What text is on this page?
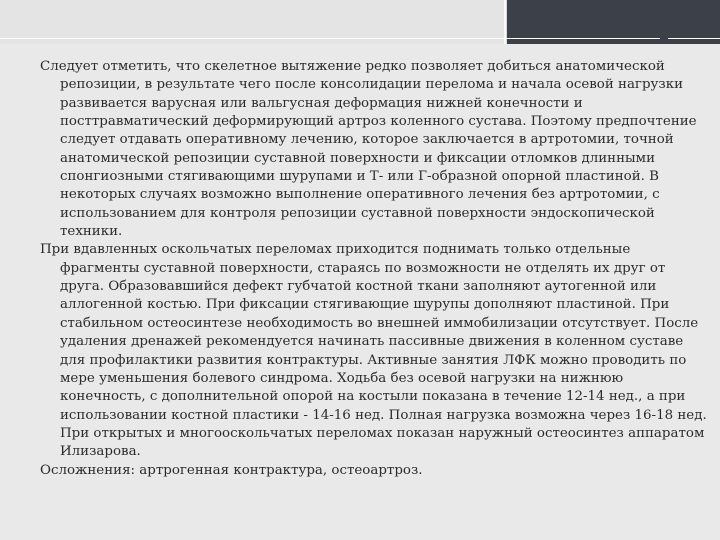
Следует отметить, что скелетное вытяжение редко позволяет добиться анатомической репозиции, в результате чего после консолидации перелома и начала осевой нагрузки развивается варусная или вальгусная деформация нижней конечности и посттравматический деформирующий артроз коленного сустава. Поэтому предпочтение следует отдавать оперативному лечению, которое заключается в артротомии, точной анатомической репозиции суставной поверхности и фиксации отломков длинными спонгиозными стягивающими шурупами и Т- или Г-образной опорной пластиной. В некоторых случаях возможно выполнение оперативного лечения без артротомии, с использованием для контроля репозиции суставной поверхности эндоскопической техники.

При вдавленных оскольчатых переломах приходится поднимать только отдельные фрагменты суставной поверхности, стараясь по возможности не отделять их друг от друга. Образовавшийся дефект губчатой костной ткани заполняют аутогенной или аллогенной костью. При фиксации стягивающие шурупы дополняют пластиной. При стабильном остеосинтезе необходимость во внешней иммобилизации отсутствует. После удаления дренажей рекомендуется начинать пассивные движения в коленном суставе для профилактики развития контрактуры. Активные занятия ЛФК можно проводить по мере уменьшения болевого синдрома. Ходьба без осевой нагрузки на нижнюю конечность, с дополнительной опорой на костыли показана в течение 12-14 нед., а при использовании костной пластики - 14-16 нед. Полная нагрузка возможна через 16-18 нед. При открытых и многооскольчатых переломах показан наружный остеосинтез аппаратом Илизарова.

Осложнения: артрогенная контрактура, остеоартроз.
